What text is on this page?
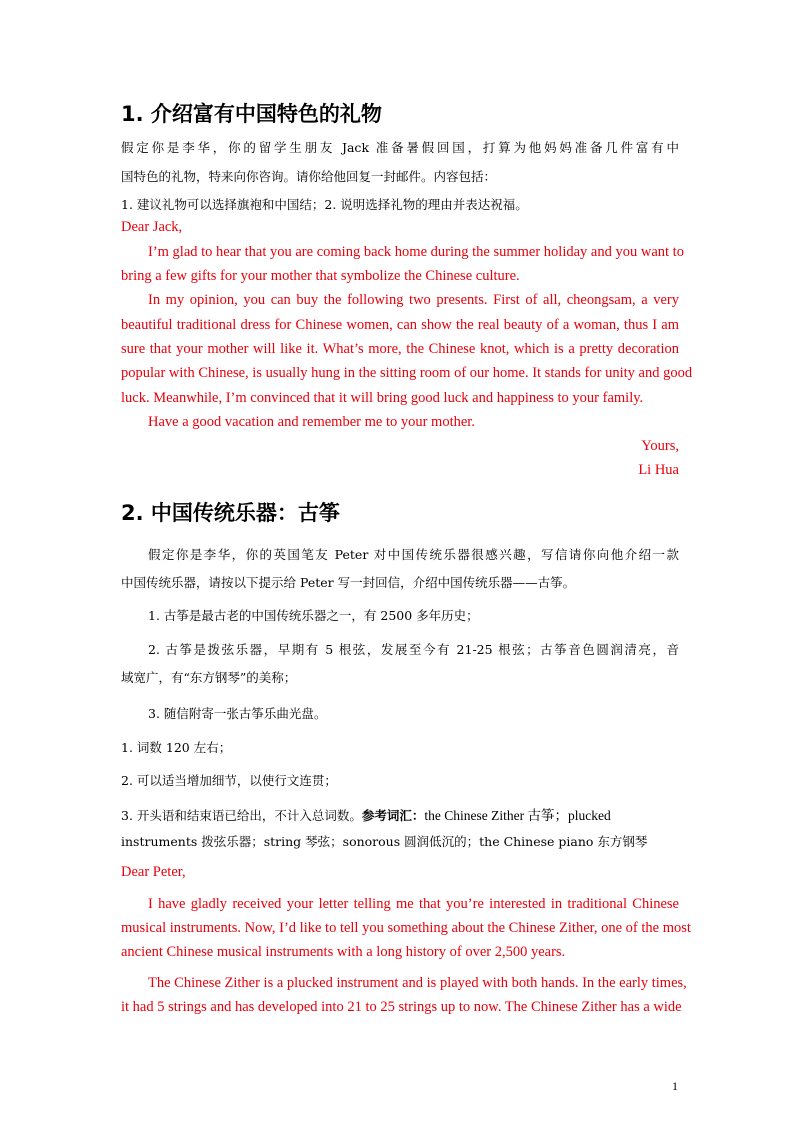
1. 介绍富有中国特色的礼物
假定你是李华，你的留学生朋友 Jack 准备暑假回国，打算为他妈妈准备几件富有中
国特色的礼物，特来向你咨询。请你给他回复一封邮件。内容包括：
1. 建议礼物可以选择旗袍和中国结；2. 说明选择礼物的理由并表达祝福。
Dear Jack,
I’m glad to hear that you are coming back home during the summer holiday and you want to
bring a few gifts for your mother that symbolize the Chinese culture.
In my opinion, you can buy the following two presents. First of all, cheongsam, a very
beautiful traditional dress for Chinese women, can show the real beauty of a woman, thus I am
sure that your mother will like it. What’s more, the Chinese knot, which is a pretty decoration
popular with Chinese, is usually hung in the sitting room of our home. It stands for unity and good
luck. Meanwhile, I’m convinced that it will bring good luck and happiness to your family.
Have a good vacation and remember me to your mother.
Yours,
Li Hua
2. 中国传统乐器：古筝
假定你是李华，你的英国笔友 Peter 对中国传统乐器很感兴趣，写信请你向他介绍一款
中国传统乐器，请按以下提示给 Peter 写一封回信，介绍中国传统乐器——古筝。
1. 古筝是最古老的中国传统乐器之一，有 2500 多年历史；
2. 古筝是拨弦乐器，早期有 5 根弦，发展至今有 21-25 根弦；古筝音色圆润清亮，音
域宽广，有“东方钢琴”的美称；
3. 随信附寄一张古筝乐曲光盘。
1. 词数 120 左右；
2. 可以适当增加细节，以使行文连贯；
3. 开头语和结束语已给出，不计入总词数。参考词汇：the Chinese Zither 古筝；plucked
instruments 拨弦乐器；string 琴弦；sonorous 圆润低沉的；the Chinese piano 东方钢琴
Dear Peter,
I have gladly received your letter telling me that you’re interested in traditional Chinese
musical instruments. Now, I’d like to tell you something about the Chinese Zither, one of the most
ancient Chinese musical instruments with a long history of over 2,500 years.
The Chinese Zither is a plucked instrument and is played with both hands. In the early times,
it had 5 strings and has developed into 21 to 25 strings up to now. The Chinese Zither has a wide
1
